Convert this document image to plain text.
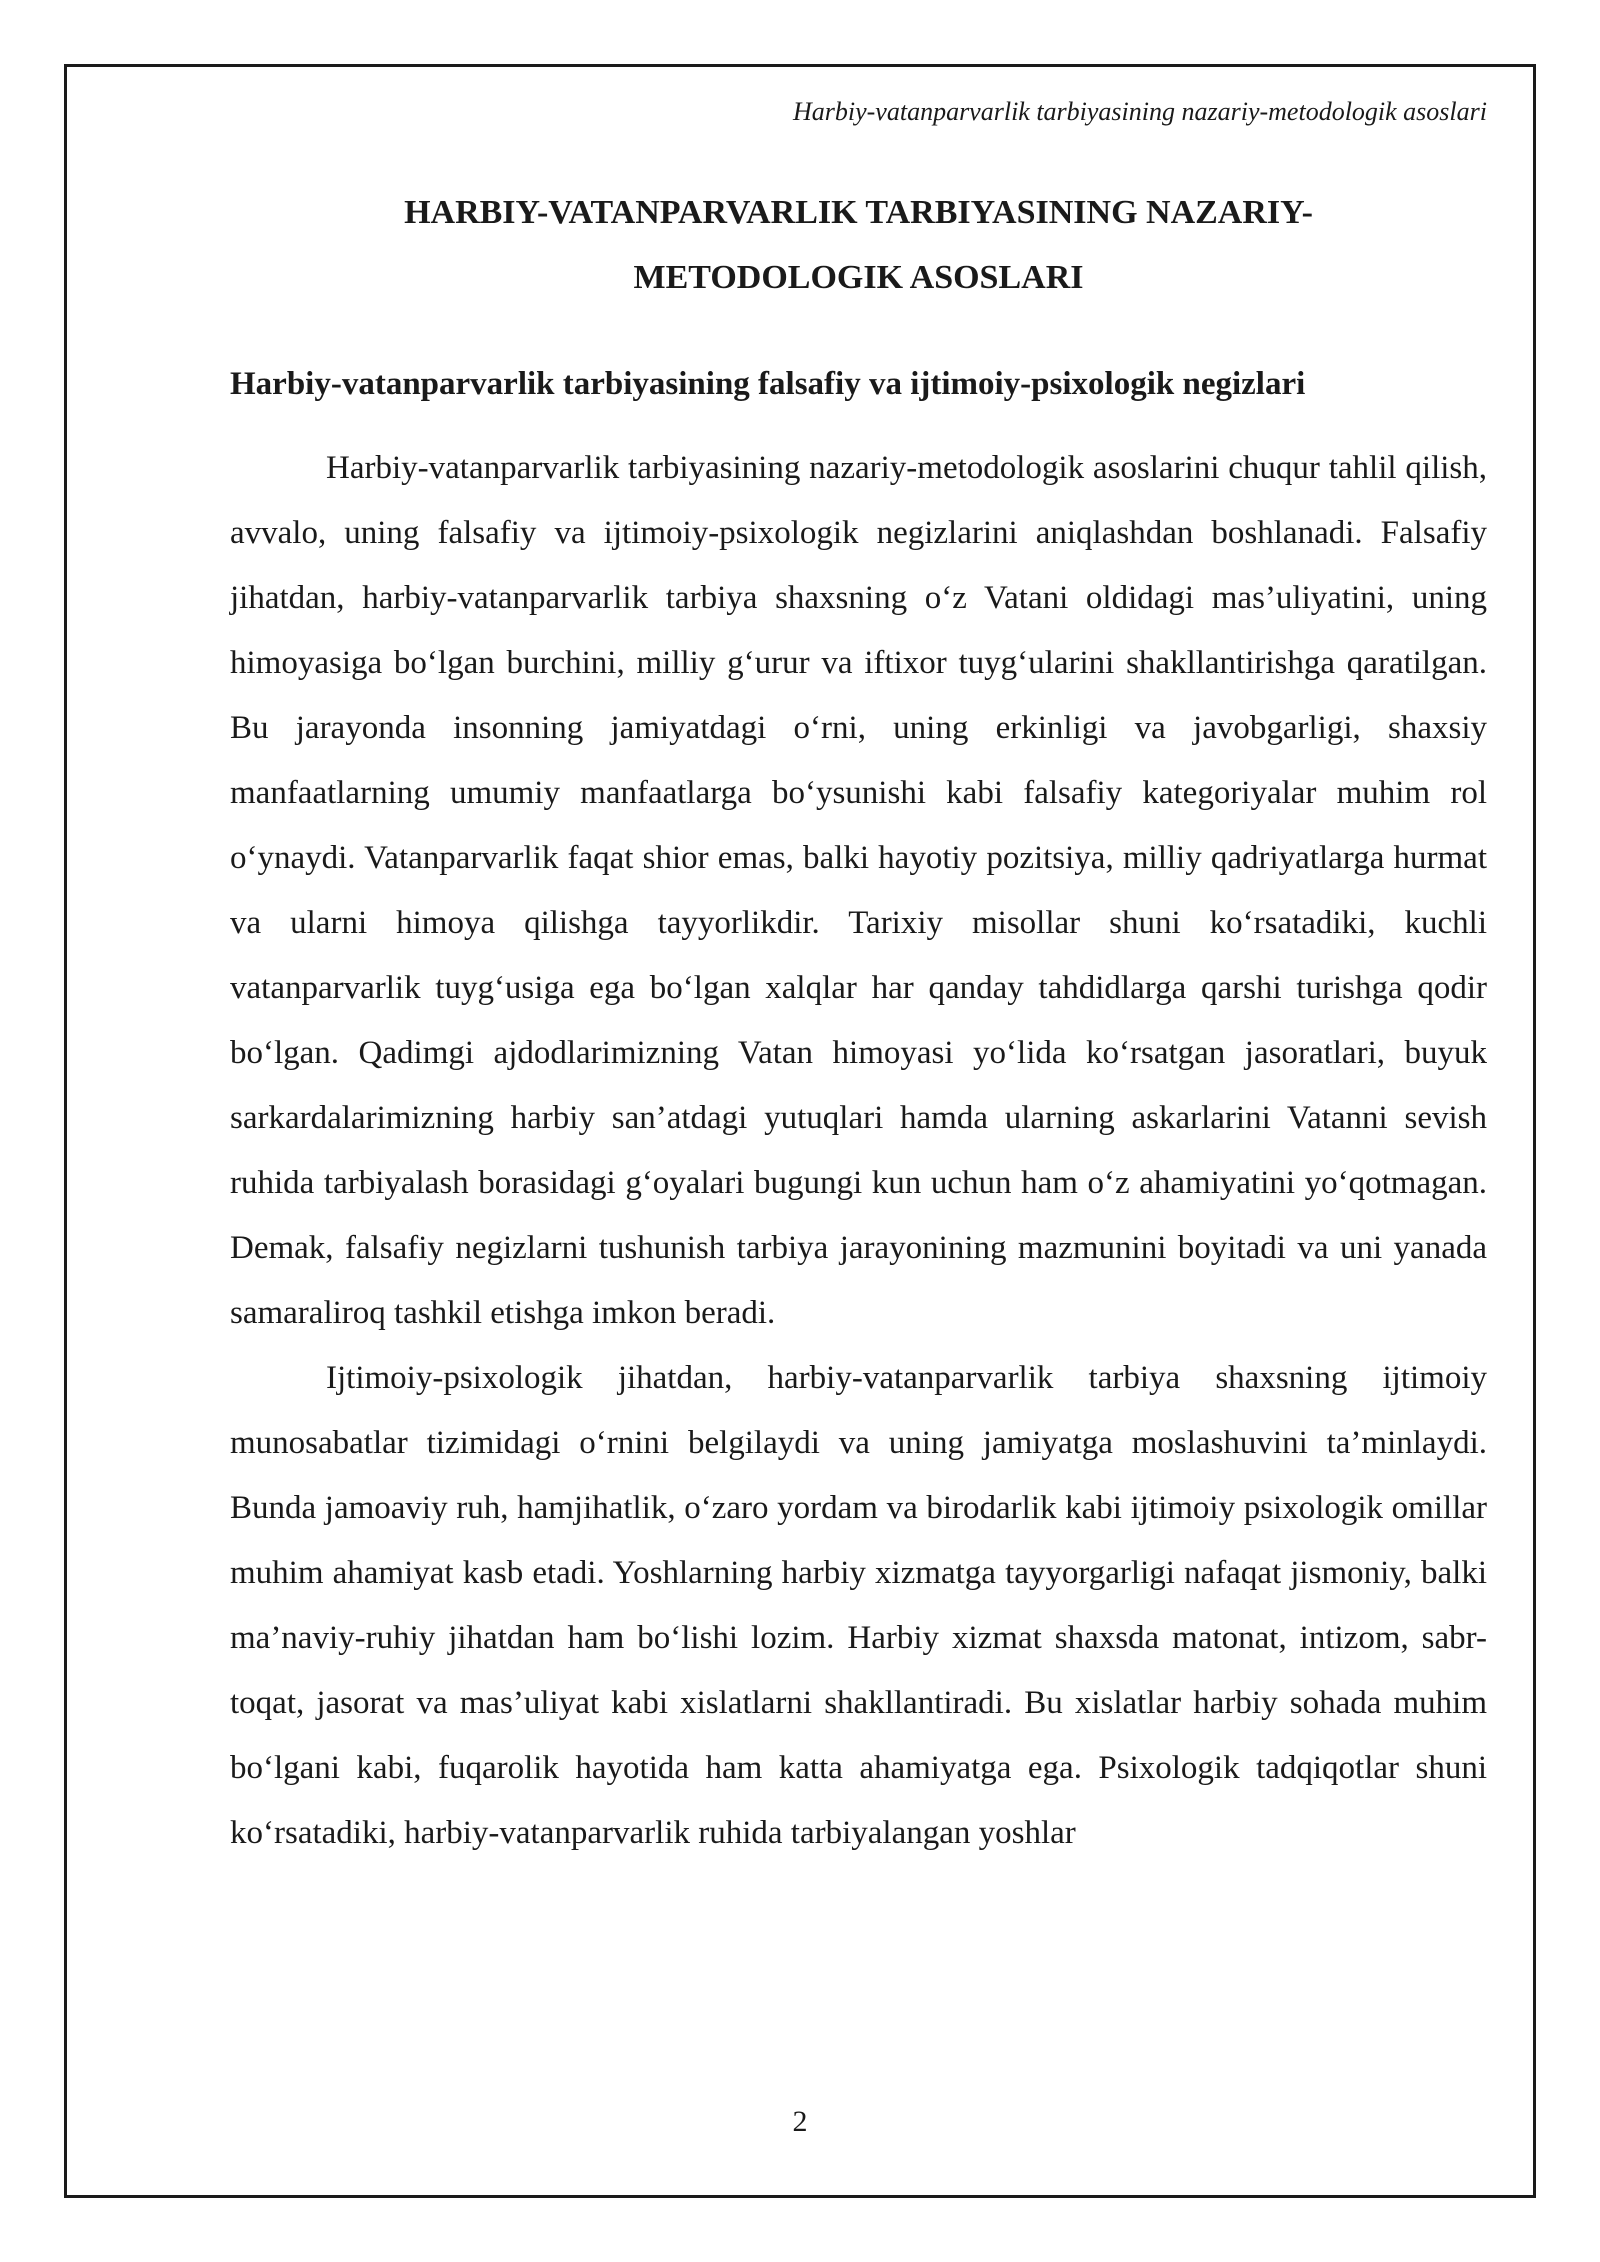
Harbiy-vatanparvarlik tarbiyasining nazariy-metodologik asoslari
HARBIY-VATANPARVARLIK TARBIYASINING NAZARIY-METODOLOGIK ASOSLARI
Harbiy-vatanparvarlik tarbiyasining falsafiy va ijtimoiy-psixologik negizlari

Harbiy-vatanparvarlik tarbiyasining nazariy-metodologik asoslarini chuqur tahlil qilish, avvalo, uning falsafiy va ijtimoiy-psixologik negizlarini aniqlashdan boshlanadi. Falsafiy jihatdan, harbiy-vatanparvarlik tarbiya shaxsning o‘z Vatani oldidagi mas’uliyatini, uning himoyasiga bo‘lgan burchini, milliy g‘urur va iftixor tuyg‘ularini shakllantirishga qaratilgan. Bu jarayonda insonning jamiyatdagi o‘rni, uning erkinligi va javobgarligi, shaxsiy manfaatlarning umumiy manfaatlarga bo‘ysunishi kabi falsafiy kategoriyalar muhim rol o‘ynaydi. Vatanparvarlik faqat shior emas, balki hayotiy pozitsiya, milliy qadriyatlarga hurmat va ularni himoya qilishga tayyorlikdir. Tarixiy misollar shuni ko‘rsatadiki, kuchli vatanparvarlik tuyg‘usiga ega bo‘lgan xalqlar har qanday tahdidlarga qarshi turishga qodir bo‘lgan. Qadimgi ajdodlarimizning Vatan himoyasi yo‘lida ko‘rsatgan jasoratlari, buyuk sarkardalarimizning harbiy san’atdagi yutuqlari hamda ularning askarlarini Vatanni sevish ruhida tarbiyalash borasidagi g‘oyalari bugungi kun uchun ham o‘z ahamiyatini yo‘qotmagan. Demak, falsafiy negizlarni tushunish tarbiya jarayonining mazmunini boyitadi va uni yanada samaraliroq tashkil etishga imkon beradi.

Ijtimoiy-psixologik jihatdan, harbiy-vatanparvarlik tarbiya shaxsning ijtimoiy munosabatlar tizimidagi o‘rnini belgilaydi va uning jamiyatga moslashuvini ta’minlaydi. Bunda jamoaviy ruh, hamjihatlik, o‘zaro yordam va birodarlik kabi ijtimoiy psixologik omillar muhim ahamiyat kasb etadi. Yoshlarning harbiy xizmatga tayyorgarligi nafaqat jismoniy, balki ma’naviy-ruhiy jihatdan ham bo‘lishi lozim. Harbiy xizmat shaxsda matonat, intizom, sabr-toqat, jasorat va mas’uliyat kabi xislatlarni shakllantiradi. Bu xislatlar harbiy sohada muhim bo‘lgani kabi, fuqarolik hayotida ham katta ahamiyatga ega. Psixologik tadqiqotlar shuni ko‘rsatadiki, harbiy-vatanparvarlik ruhida tarbiyalangan yoshlar

2
